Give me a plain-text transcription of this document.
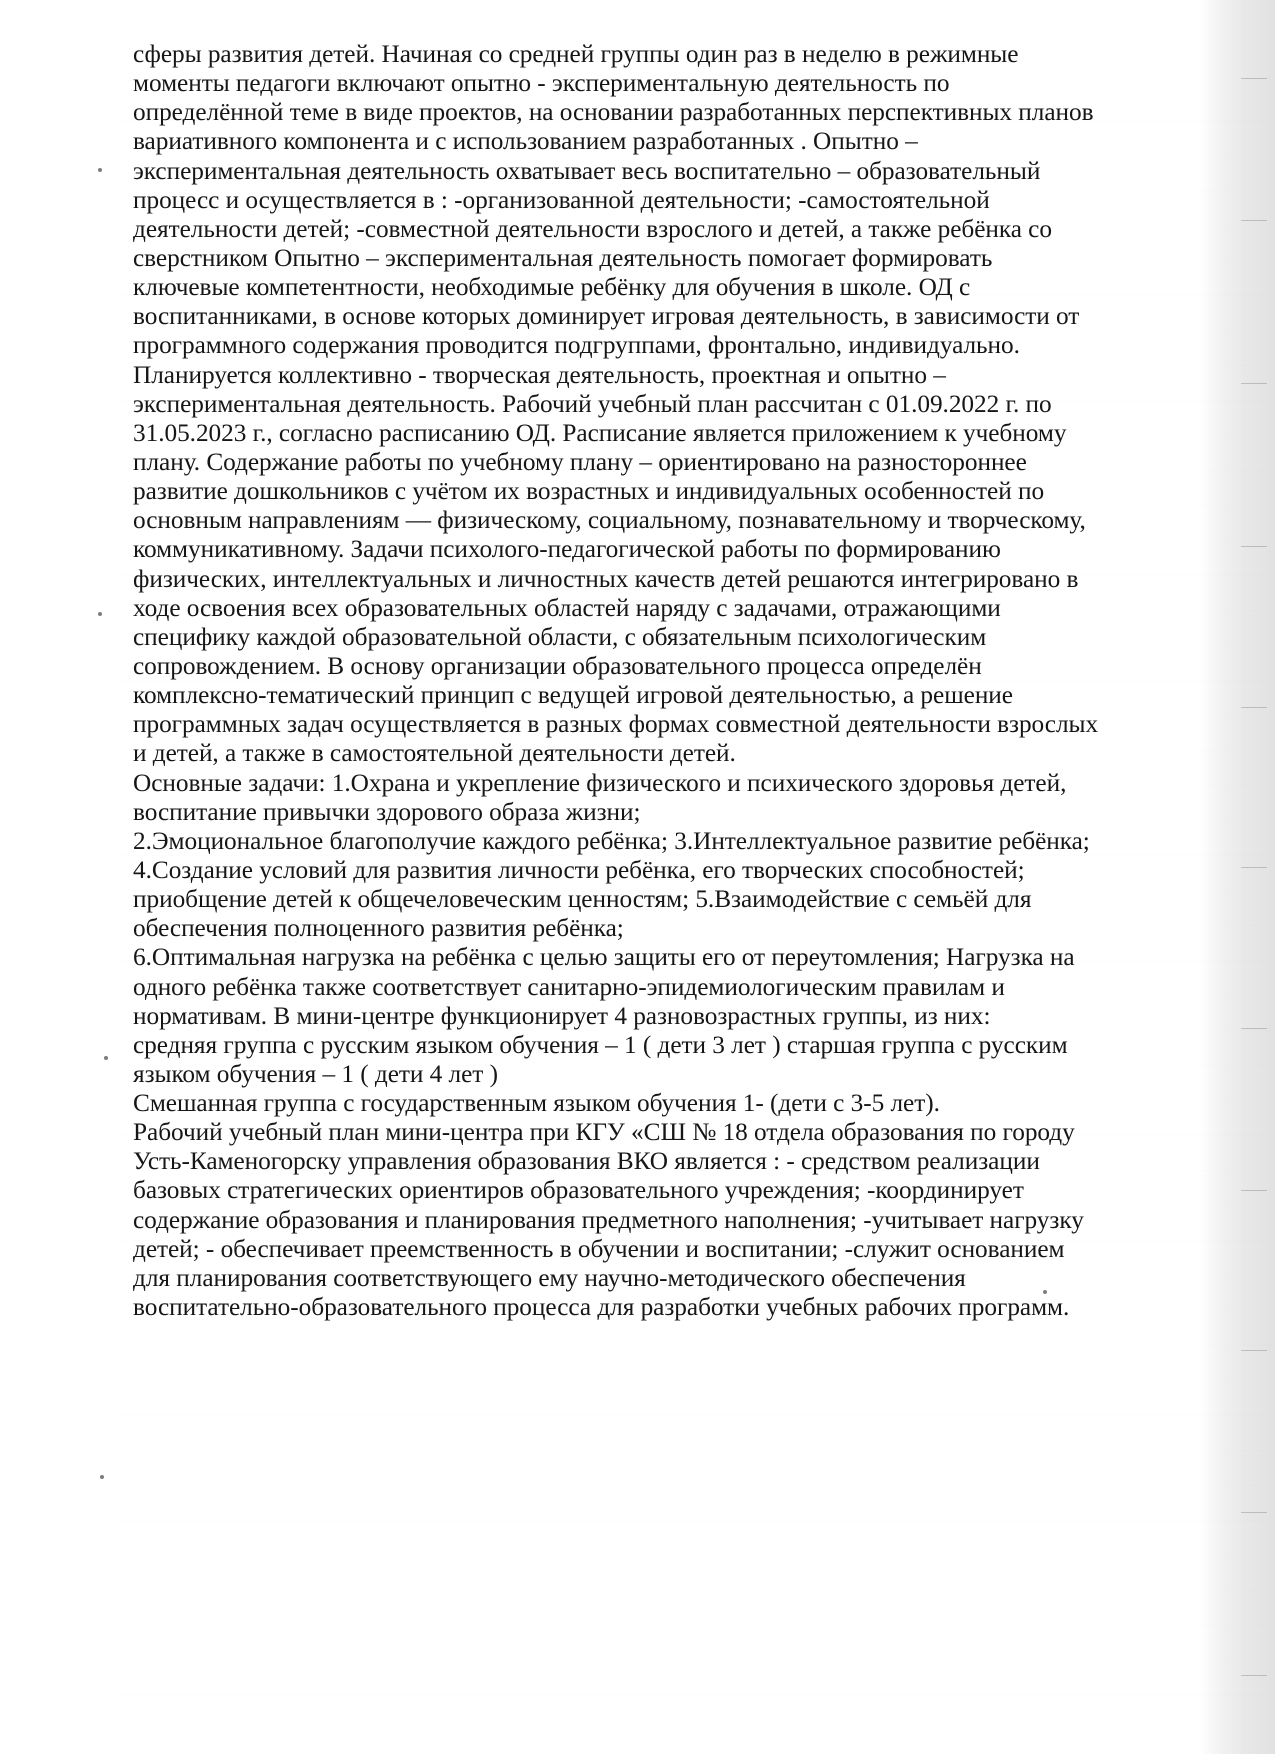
сферы развития детей. Начиная со средней группы один раз в неделю в режимные
моменты педагоги включают опытно - экспериментальную деятельность по
определённой теме в виде проектов, на основании разработанных перспективных планов
вариативного компонента и с использованием разработанных . Опытно –
экспериментальная деятельность охватывает весь воспитательно – образовательный
процесс и осуществляется в : -организованной деятельности; -самостоятельной
деятельности детей; -совместной деятельности взрослого и детей, а также ребёнка со
сверстником Опытно – экспериментальная деятельность помогает формировать
ключевые компетентности, необходимые ребёнку для обучения в школе. ОД с
воспитанниками, в основе которых доминирует игровая деятельность, в зависимости от
программного содержания проводится подгруппами, фронтально, индивидуально.
Планируется коллективно - творческая деятельность, проектная и опытно –
экспериментальная деятельность. Рабочий учебный план рассчитан с 01.09.2022 г. по
31.05.2023 г., согласно расписанию ОД. Расписание является приложением к учебному
плану. Содержание работы по учебному плану – ориентировано на разностороннее
развитие дошкольников с учётом их возрастных и индивидуальных особенностей по
основным направлениям — физическому, социальному, познавательному и творческому,
коммуникативному. Задачи психолого-педагогической работы по формированию
физических, интеллектуальных и личностных качеств детей решаются интегрировано в
ходе освоения всех образовательных областей наряду с задачами, отражающими
специфику каждой образовательной области, с обязательным психологическим
сопровождением. В основу организации образовательного процесса определён
комплексно-тематический принцип с ведущей игровой деятельностью, а решение
программных задач осуществляется в разных формах совместной деятельности взрослых
и детей, а также в самостоятельной деятельности детей.
Основные задачи: 1.Охрана и укрепление физического и психического здоровья детей,
воспитание привычки здорового образа жизни;
2.Эмоциональное благополучие каждого ребёнка; 3.Интеллектуальное развитие ребёнка;
4.Создание условий для развития личности ребёнка, его творческих способностей;
приобщение детей к общечеловеческим ценностям; 5.Взаимодействие с семьёй для
обеспечения полноценного развития ребёнка;
6.Оптимальная нагрузка на ребёнка с целью защиты его от переутомления; Нагрузка на
одного ребёнка также соответствует санитарно-эпидемиологическим правилам и
нормативам. В мини-центре функционирует 4 разновозрастных группы, из них:
средняя группа с русским языком обучения – 1 ( дети 3 лет ) старшая группа с русским
языком обучения – 1 ( дети 4 лет )
Смешанная группа с государственным языком обучения 1- (дети с 3-5 лет).
Рабочий учебный план мини-центра при КГУ «СШ № 18 отдела образования по городу
Усть-Каменогорску управления образования ВКО является : - средством реализации
базовых стратегических ориентиров образовательного учреждения; -координирует
содержание образования и планирования предметного наполнения; -учитывает нагрузку
детей; - обеспечивает преемственность в обучении и воспитании; -служит основанием
для планирования соответствующего ему научно-методического обеспечения
воспитательно-образовательного процесса для разработки учебных рабочих программ.
